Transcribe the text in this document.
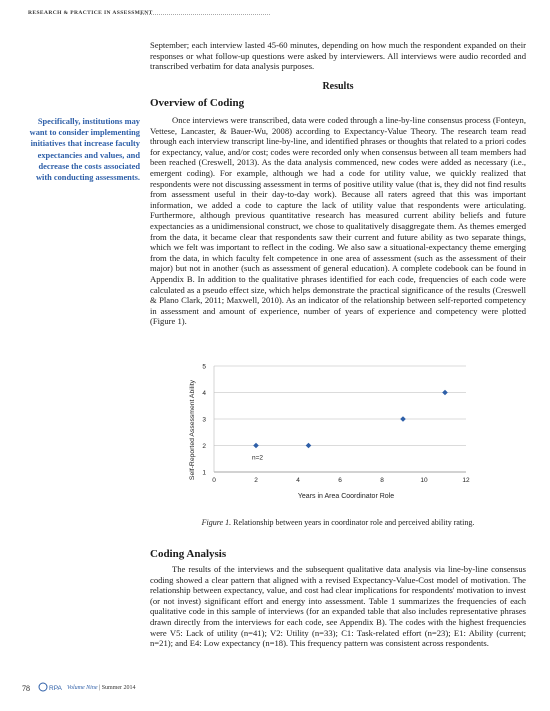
RESEARCH & PRACTICE IN ASSESSMENT

September; each interview lasted 45-60 minutes, depending on how much the respondent expanded on their responses or what follow-up questions were asked by interviewers. All interviews were audio recorded and transcribed verbatim for data analysis purposes.

Results
Overview of Coding
Specifically, institutions may want to consider implementing initiatives that increase faculty expectancies and values, and decrease the costs associated with conducting assessments.

Once interviews were transcribed, data were coded through a line-by-line consensus process (Fonteyn, Vettese, Lancaster, & Bauer-Wu, 2008) according to Expectancy-Value Theory. The research team read through each interview transcript line-by-line, and identified phrases or thoughts that related to a priori codes for expectancy, value, and/or cost; codes were recorded only when consensus between all team members had been reached (Creswell, 2013). As the data analysis commenced, new codes were added as necessary (i.e., emergent coding). For example, although we had a code for utility value, we quickly realized that respondents were not discussing assessment in terms of positive utility value (that is, they did not find results from assessment useful in their day-to-day work). Because all raters agreed that this was important information, we added a code to capture the lack of utility value that respondents were articulating. Furthermore, although previous quantitative research has measured current ability beliefs and future expectancies as a unidimensional construct, we chose to qualitatively disaggregate them. As themes emerged from the data, it became clear that respondents saw their current and future ability as two separate things, which we felt was important to reflect in the coding. We also saw a situational-expectancy theme emerging from the data, in which faculty felt competence in one area of assessment (such as the assessment of their major) but not in another (such as assessment of general education). A complete codebook can be found in Appendix B. In addition to the qualitative phrases identified for each code, frequencies of each code were calculated as a pseudo effect size, which helps demonstrate the practical significance of the results (Creswell & Plano Clark, 2011; Maxwell, 2010). As an indicator of the relationship between self-reported competency in assessment and amount of experience, number of years of experience and competency were plotted (Figure 1).

1
2
3
4
5
0	2	4	6	8	10	12
Years in Area Coordinator Role
Self-Reported Assessment Ability	n=2
Figure 1. Relationship between years in coordinator role and perceived ability rating.
Coding Analysis

The results of the interviews and the subsequent qualitative data analysis via line-by-line consensus coding showed a clear pattern that aligned with a revised Expectancy-Value-Cost model of motivation. The relationship between expectancy, value, and cost had clear implications for respondents' motivation to invest (or not invest) significant effort and energy into assessment. Table 1 summarizes the frequencies of each qualitative code in this sample of interviews (for an expanded table that also includes representative phrases drawn directly from the interviews for each code, see Appendix B). The codes with the highest frequencies were V5: Lack of utility (n=41); V2: Utility (n=33); C1: Task-related effort (n=23); E1: Ability (current; n=21); and E4: Low expectancy (n=18). This frequency pattern was consistent across respondents.

78	RPA Volume Nine | Summer 2014
